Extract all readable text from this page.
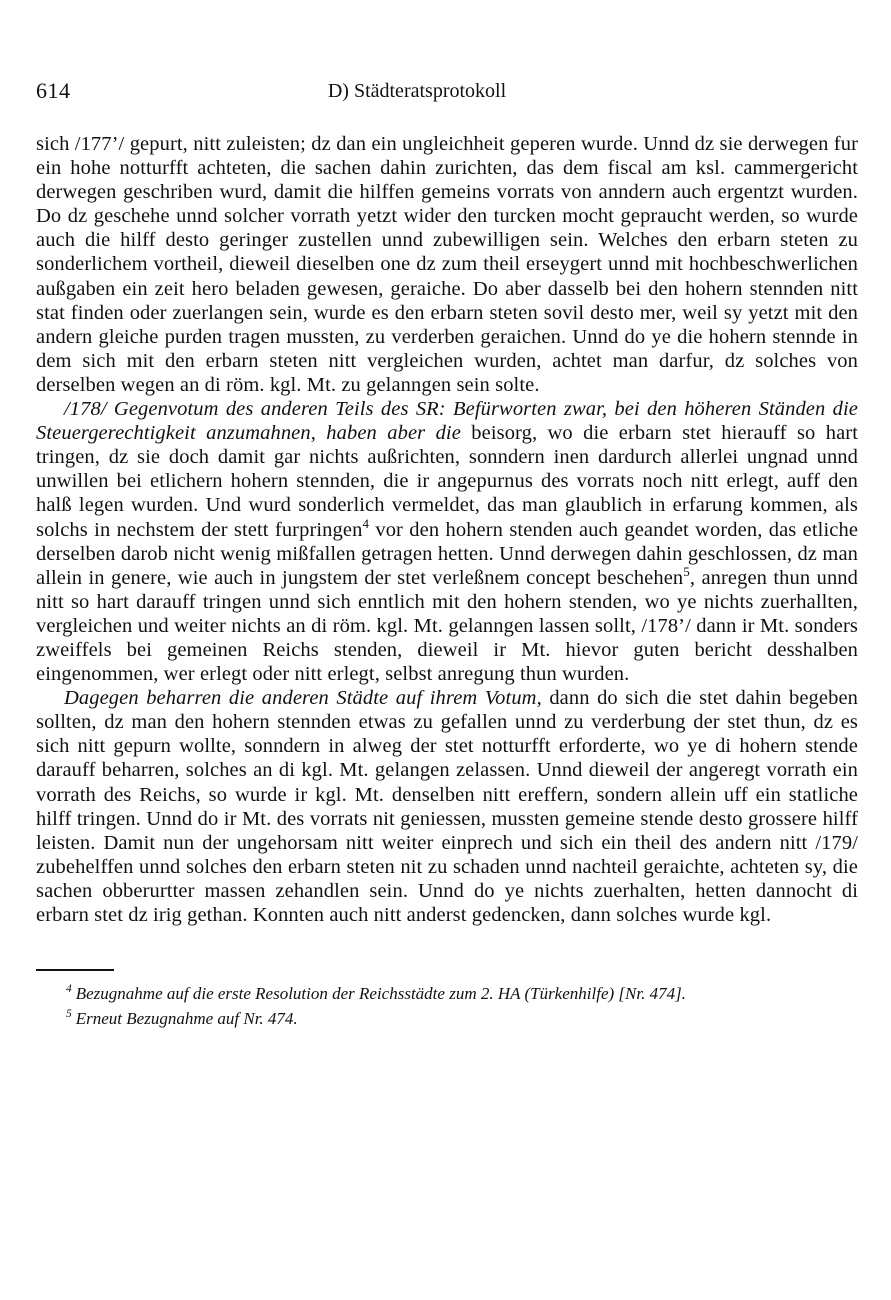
614	D) Städteratsprotokoll

sich /177’/ gepurt, nitt zuleisten; dz dan ein ungleichheit geperen wurde. Unnd dz sie derwegen fur ein hohe notturfft achteten, die sachen dahin zurichten, das dem fiscal am ksl. cammergericht derwegen geschriben wurd, damit die hilffen gemeins vorrats von anndern auch ergentzt wurden. Do dz geschehe unnd solcher vorrath yetzt wider den turcken mocht gepraucht werden, so wurde auch die hilff desto geringer zustellen unnd zubewilligen sein. Welches den erbarn steten zu sonderlichem vortheil, dieweil dieselben one dz zum theil erseygert unnd mit hochbeschwerlichen außgaben ein zeit hero beladen gewesen, geraiche. Do aber dasselb bei den hohern stennden nitt stat finden oder zuerlangen sein, wurde es den erbarn steten sovil desto mer, weil sy yetzt mit den andern gleiche purden tragen mussten, zu verderben geraichen. Unnd do ye die hohern stennde in dem sich mit den erbarn steten nitt vergleichen wurden, achtet man darfur, dz solches von derselben wegen an di röm. kgl. Mt. zu gelanngen sein solte.

/178/ Gegenvotum des anderen Teils des SR: Befürworten zwar, bei den höheren Ständen die Steuergerechtigkeit anzumahnen, haben aber die beisorg, wo die erbarn stet hierauff so hart tringen, dz sie doch damit gar nichts außrichten, sonndern inen dardurch allerlei ungnad unnd unwillen bei etlichern hohern stennden, die ir angepurnus des vorrats noch nitt erlegt, auff den halß legen wurden. Und wurd sonderlich vermeldet, das man glaublich in erfarung kommen, als solchs in nechstem der stett furpringen$^4$ vor den hohern stenden auch geandet worden, das etliche derselben darob nicht wenig mißfallen getragen hetten. Unnd derwegen dahin geschlossen, dz man allein in genere, wie auch in jungstem der stet verleßnem concept beschehen$^5$, anregen thun unnd nitt so hart darauff tringen unnd sich enntlich mit den hohern stenden, wo ye nichts zuerhallten, vergleichen und weiter nichts an di röm. kgl. Mt. gelanngen lassen sollt, /178’/ dann ir Mt. sonders zweiffels bei gemeinen Reichs stenden, dieweil ir Mt. hievor guten bericht desshalben eingenommen, wer erlegt oder nitt erlegt, selbst anregung thun wurden.

Dagegen beharren die anderen Städte auf ihrem Votum, dann do sich die stet dahin begeben sollten, dz man den hohern stennden etwas zu gefallen unnd zu verderbung der stet thun, dz es sich nitt gepurn wollte, sonndern in alweg der stet notturfft erforderte, wo ye di hohern stende darauff beharren, solches an di kgl. Mt. gelangen zelassen. Unnd dieweil der angeregt vorrath ein vorrath des Reichs, so wurde ir kgl. Mt. denselben nitt ereffern, sondern allein uff ein statliche hilff tringen. Unnd do ir Mt. des vorrats nit geniessen, mussten gemeine stende desto grossere hilff leisten. Damit nun der ungehorsam nitt weiter einprech und sich ein theil des andern nitt /179/ zubehelffen unnd solches den erbarn steten nit zu schaden unnd nachteil geraichte, achteten sy, die sachen obberurtter massen zehandlen sein. Unnd do ye nichts zuerhalten, hetten dannocht di erbarn stet dz irig gethan. Konnten auch nitt anderst gedencken, dann solches wurde kgl.

$^4$ Bezugnahme auf die erste Resolution der Reichsstädte zum 2. HA (Türkenhilfe) [Nr. 474].

$^5$ Erneut Bezugnahme auf Nr. 474.
